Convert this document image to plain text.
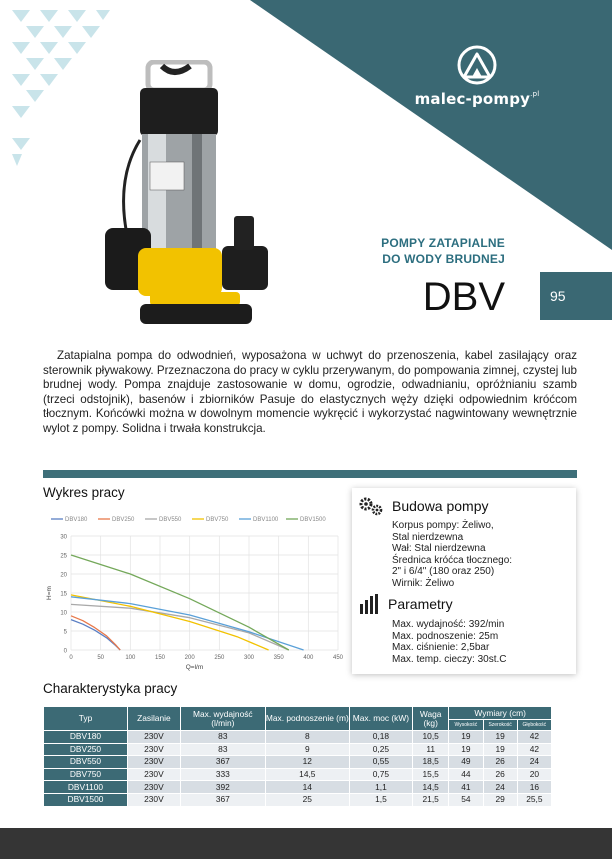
malec-pompy$^{.pl}$
POMPY ZATAPIALNE
DO WODY BRUDNEJ
DBV	95
Zatapialna pompa do odwodnień, wyposażona w uchwyt do przenoszenia, kabel zasilający oraz sterownik pływakowy. Przeznaczona do pracy w cyklu przerywanym, do pompowania zimnej, czystej lub brudnej wody. Pompa znajduje zastosowanie w domu, ogrodzie, odwadnianiu, opróżnianiu szamb (trzeci odstojnik), basenów i zbiorników Pasuje do elastycznych węży dzięki odpowiednim króćcom tłocznym. Końcówki można w dowolnym momencie wykręcić i wykorzystać nagwintowany wewnętrznie wylot z pompy. Solidna i trwała konstrukcja.
Wykres pracy
0
5
10
15
20
25
30
0	50	100	150	200	250	300	350	400	450
Q=l/m
H=m
DBV180	DBV250	DBV550	DBV750	DBV1100	DBV1500
Budowa pompy
Korpus pompy: Żeliwo,
Stal nierdzewna
Wał: Stal nierdzewna
Średnica króćca tłocznego:
2" i 6/4" (180 oraz 250)
Wirnik: Żeliwo
Parametry
Max. wydajność: 392/min
Max. podnoszenie: 25m
Max. ciśnienie: 2,5bar
Max. temp. cieczy: 30st.C
Charakterystyka pracy
Typ	Zasilanie	Max. wydajność (l/min)	Max. podnoszenie (m)	Max. moc (kW)	Waga (kg)	Wymiary (cm)		
						Wysokość	Szerokość	Głębokość
DBV180	230V	83	8	0,18	10,5	19	19	42
DBV250	230V	83	9	0,25	11	19	19	42
DBV550	230V	367	12	0,55	18,5	49	26	24
DBV750	230V	333	14,5	0,75	15,5	44	26	20
DBV1100	230V	392	14	1,1	14,5	41	24	16
DBV1500	230V	367	25	1,5	21,5	54	29	25,5
